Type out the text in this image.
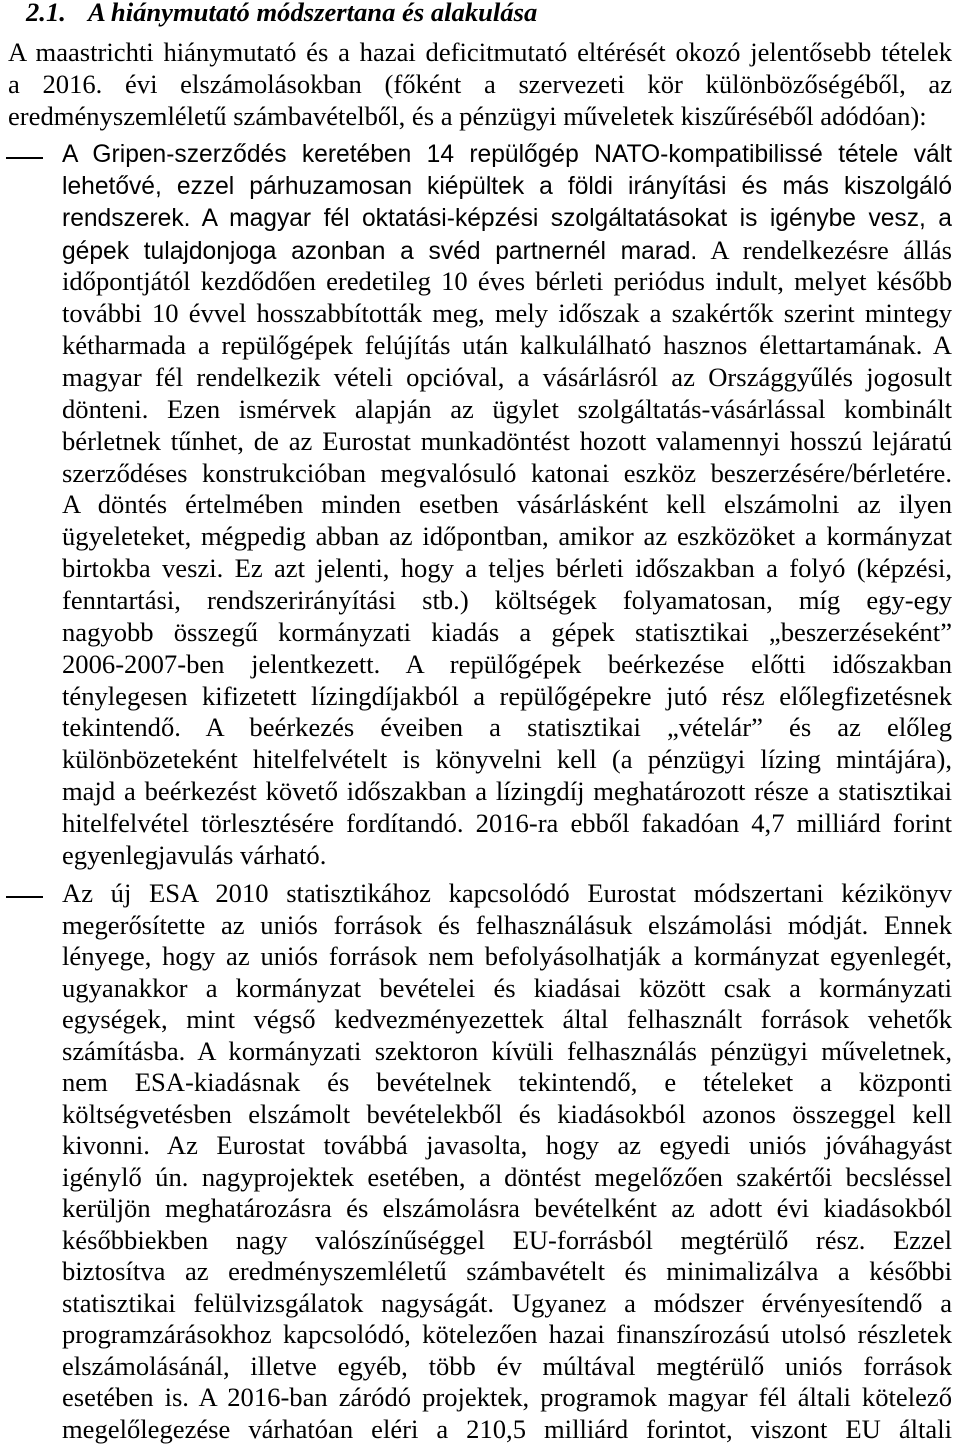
2.1. A hiánymutató módszertana és alakulása
A maastrichti hiánymutató és a hazai deficitmutató eltérését okozó jelentősebb tételek
a 2016. évi elszámolásokban (főként a szervezeti kör különbözőségéből, az
eredményszemléletű számbavételből, és a pénzügyi műveletek kiszűréséből adódóan):
A Gripen-szerződés keretében 14 repülőgép NATO-kompatibilissé tétele vált
lehetővé, ezzel párhuzamosan kiépültek a földi irányítási és más kiszolgáló
rendszerek. A magyar fél oktatási-képzési szolgáltatásokat is igénybe vesz, a
gépek tulajdonjoga azonban a svéd partnernél marad. A rendelkezésre állás
időpontjától kezdődően eredetileg 10 éves bérleti periódus indult, melyet később
további 10 évvel hosszabbították meg, mely időszak a szakértők szerint mintegy
kétharmada a repülőgépek felújítás után kalkulálható hasznos élettartamának. A
magyar fél rendelkezik vételi opcióval, a vásárlásról az Országgyűlés jogosult
dönteni. Ezen ismérvek alapján az ügylet szolgáltatás-vásárlással kombinált
bérletnek tűnhet, de az Eurostat munkadöntést hozott valamennyi hosszú lejáratú
szerződéses konstrukcióban megvalósuló katonai eszköz beszerzésére/bérletére.
A döntés értelmében minden esetben vásárlásként kell elszámolni az ilyen
ügyeleteket, mégpedig abban az időpontban, amikor az eszközöket a kormányzat
birtokba veszi. Ez azt jelenti, hogy a teljes bérleti időszakban a folyó (képzési,
fenntartási, rendszerirányítási stb.) költségek folyamatosan, míg egy-egy
nagyobb összegű kormányzati kiadás a gépek statisztikai „beszerzéseként”
2006-2007-ben jelentkezett. A repülőgépek beérkezése előtti időszakban
ténylegesen kifizetett lízingdíjakból a repülőgépekre jutó rész előlegfizetésnek
tekintendő. A beérkezés éveiben a statisztikai „vételár” és az előleg
különbözeteként hitelfelvételt is könyvelni kell (a pénzügyi lízing mintájára),
majd a beérkezést követő időszakban a lízingdíj meghatározott része a statisztikai
hitelfelvétel törlesztésére fordítandó. 2016-ra ebből fakadóan 4,7 milliárd forint
egyenlegjavulás várható.
Az új ESA 2010 statisztikához kapcsolódó Eurostat módszertani kézikönyv
megerősítette az uniós források és felhasználásuk elszámolási módját. Ennek
lényege, hogy az uniós források nem befolyásolhatják a kormányzat egyenlegét,
ugyanakkor a kormányzat bevételei és kiadásai között csak a kormányzati
egységek, mint végső kedvezményezettek által felhasznált források vehetők
számításba. A kormányzati szektoron kívüli felhasználás pénzügyi műveletnek,
nem ESA-kiadásnak és bevételnek tekintendő, e tételeket a központi
költségvetésben elszámolt bevételekből és kiadásokból azonos összeggel kell
kivonni. Az Eurostat továbbá javasolta, hogy az egyedi uniós jóváhagyást
igénylő ún. nagyprojektek esetében, a döntést megelőzően szakértői becsléssel
kerüljön meghatározásra és elszámolásra bevételként az adott évi kiadásokból
későbbiekben nagy valószínűséggel EU-forrásból megtérülő rész. Ezzel
biztosítva az eredményszemléletű számbavételt és minimalizálva a későbbi
statisztikai felülvizsgálatok nagyságát. Ugyanez a módszer érvényesítendő a
programzárásokhoz kapcsolódó, kötelezően hazai finanszírozású utolsó részletek
elszámolásánál, illetve egyéb, több év múltával megtérülő uniós források
esetében is. A 2016-ban záródó projektek, programok magyar fél általi kötelező
megelőlegezése várhatóan eléri a 210,5 milliárd forintot, viszont EU általi
